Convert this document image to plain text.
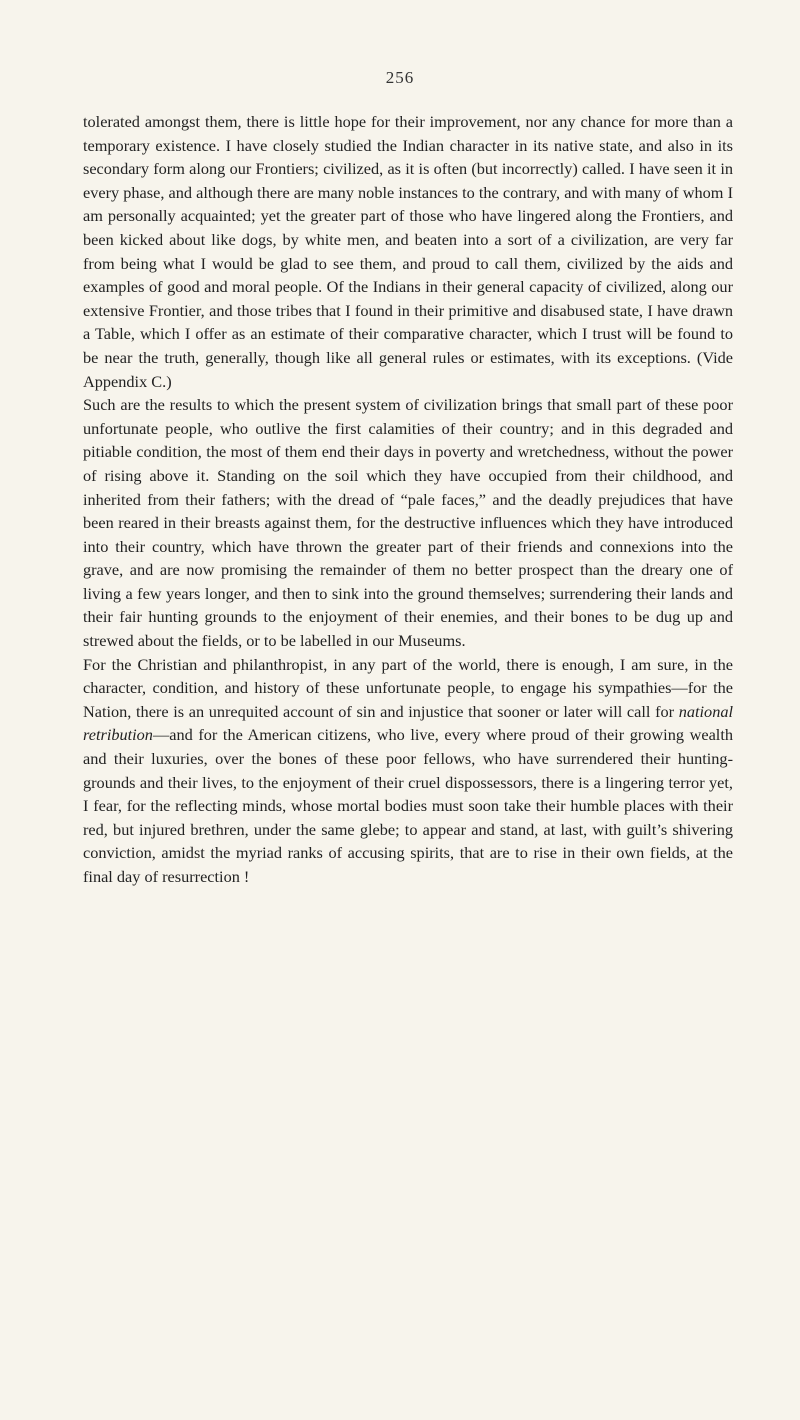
256

tolerated amongst them, there is little hope for their improvement, nor any chance for more than a temporary existence. I have closely studied the Indian character in its native state, and also in its secondary form along our Frontiers; civilized, as it is often (but incorrectly) called. I have seen it in every phase, and although there are many noble instances to the contrary, and with many of whom I am personally acquainted; yet the greater part of those who have lingered along the Frontiers, and been kicked about like dogs, by white men, and beaten into a sort of a civilization, are very far from being what I would be glad to see them, and proud to call them, civilized by the aids and examples of good and moral people. Of the Indians in their general capacity of civilized, along our extensive Frontier, and those tribes that I found in their primitive and disabused state, I have drawn a Table, which I offer as an estimate of their comparative character, which I trust will be found to be near the truth, generally, though like all general rules or estimates, with its exceptions. (Vide Appendix C.)

Such are the results to which the present system of civilization brings that small part of these poor unfortunate people, who outlive the first calamities of their country; and in this degraded and pitiable condition, the most of them end their days in poverty and wretchedness, without the power of rising above it. Standing on the soil which they have occupied from their childhood, and inherited from their fathers; with the dread of “pale faces,” and the deadly prejudices that have been reared in their breasts against them, for the destructive influences which they have introduced into their country, which have thrown the greater part of their friends and connexions into the grave, and are now promising the remainder of them no better prospect than the dreary one of living a few years longer, and then to sink into the ground themselves; surrendering their lands and their fair hunting grounds to the enjoyment of their enemies, and their bones to be dug up and strewed about the fields, or to be labelled in our Museums.

For the Christian and philanthropist, in any part of the world, there is enough, I am sure, in the character, condition, and history of these unfortunate people, to engage his sympathies—for the Nation, there is an unrequited account of sin and injustice that sooner or later will call for national retribution—and for the American citizens, who live, every where proud of their growing wealth and their luxuries, over the bones of these poor fellows, who have surrendered their hunting-grounds and their lives, to the enjoyment of their cruel dispossessors, there is a lingering terror yet, I fear, for the reflecting minds, whose mortal bodies must soon take their humble places with their red, but injured brethren, under the same glebe; to appear and stand, at last, with guilt’s shivering conviction, amidst the myriad ranks of accusing spirits, that are to rise in their own fields, at the final day of resurrection !
